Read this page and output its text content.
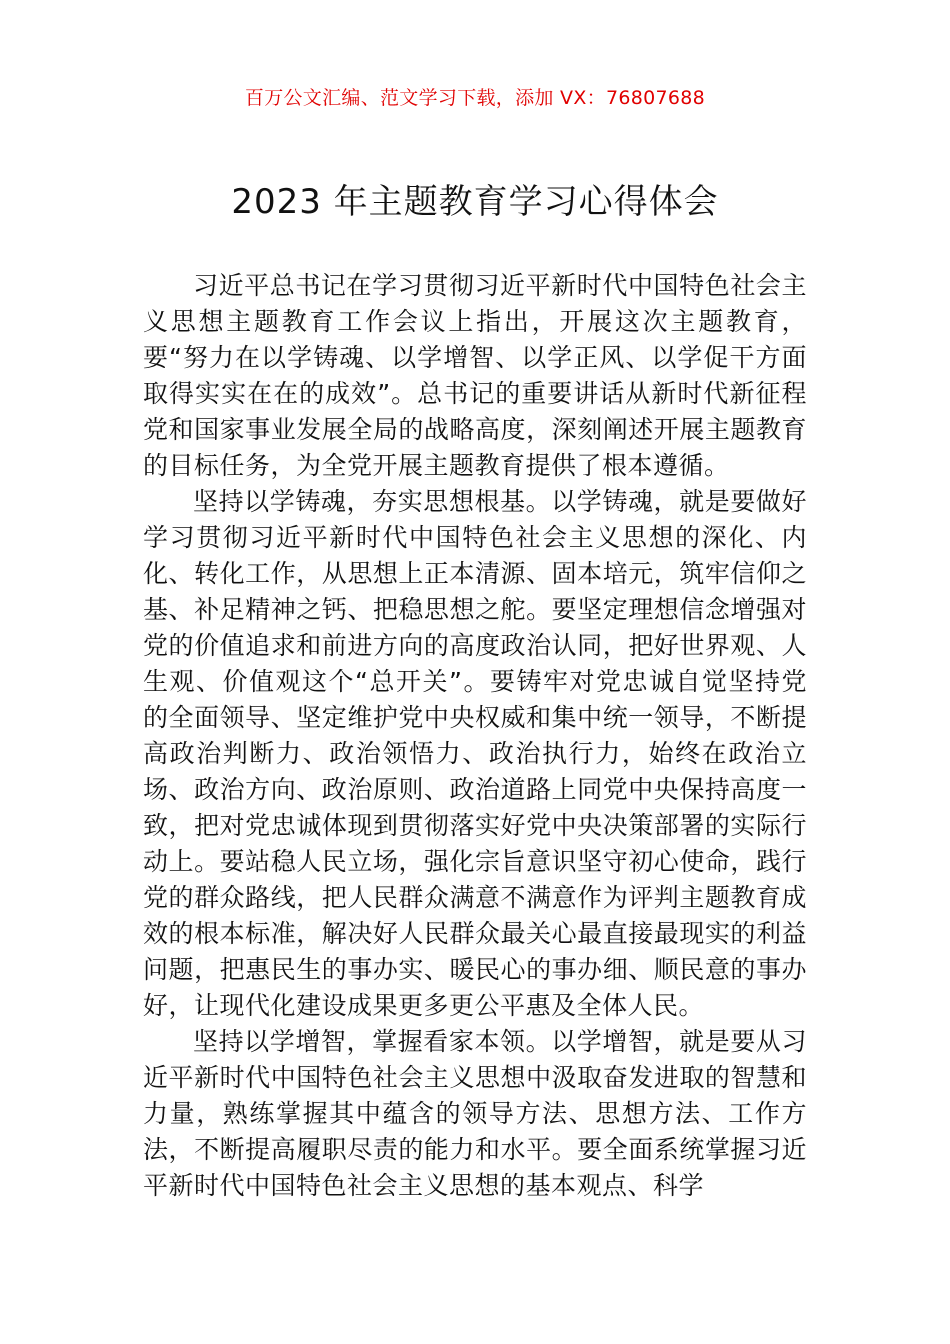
百万公文汇编、范文学习下载，添加 VX：76807688
2023 年主题教育学习心得体会

习近平总书记在学习贯彻习近平新时代中国特色社会主义思想主题教育工作会议上指出，开展这次主题教育，要“努力在以学铸魂、以学增智、以学正风、以学促干方面取得实实在在的成效”。总书记的重要讲话从新时代新征程党和国家事业发展全局的战略高度，深刻阐述开展主题教育的目标任务，为全党开展主题教育提供了根本遵循。

坚持以学铸魂，夯实思想根基。以学铸魂，就是要做好学习贯彻习近平新时代中国特色社会主义思想的深化、内化、转化工作，从思想上正本清源、固本培元，筑牢信仰之基、补足精神之钙、把稳思想之舵。要坚定理想信念增强对党的价值追求和前进方向的高度政治认同，把好世界观、人生观、价值观这个“总开关”。要铸牢对党忠诚自觉坚持党的全面领导、坚定维护党中央权威和集中统一领导，不断提高政治判断力、政治领悟力、政治执行力，始终在政治立场、政治方向、政治原则、政治道路上同党中央保持高度一致，把对党忠诚体现到贯彻落实好党中央决策部署的实际行动上。要站稳人民立场，强化宗旨意识坚守初心使命，践行党的群众路线，把人民群众满意不满意作为评判主题教育成效的根本标准，解决好人民群众最关心最直接最现实的利益问题，把惠民生的事办实、暖民心的事办细、顺民意的事办好，让现代化建设成果更多更公平惠及全体人民。

坚持以学增智，掌握看家本领。以学增智，就是要从习近平新时代中国特色社会主义思想中汲取奋发进取的智慧和力量，熟练掌握其中蕴含的领导方法、思想方法、工作方法，不断提高履职尽责的能力和水平。要全面系统掌握习近平新时代中国特色社会主义思想的基本观点、科学
